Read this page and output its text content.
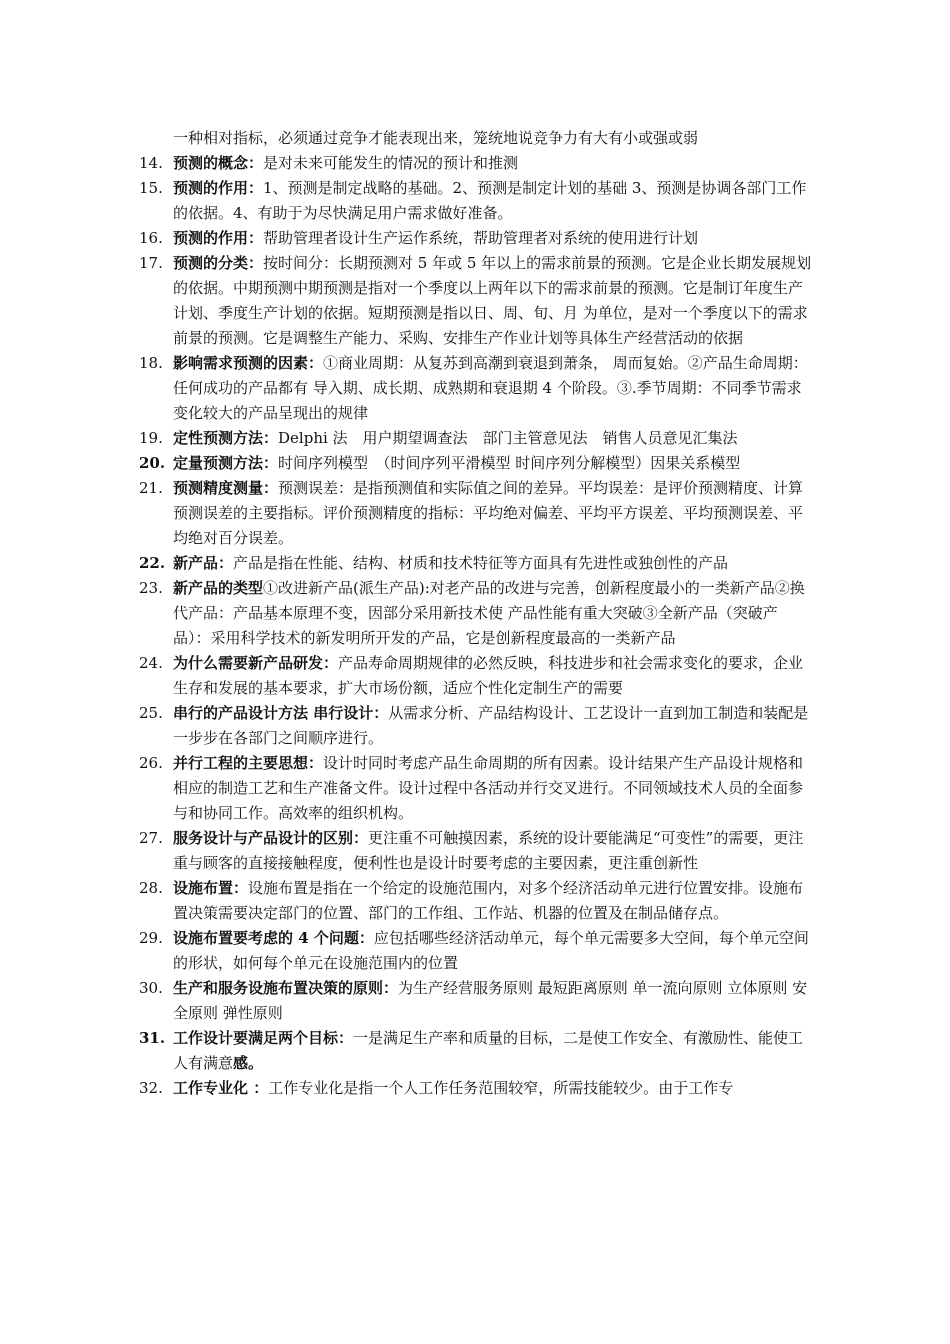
一种相对指标，必须通过竞争才能表现出来，笼统地说竞争力有大有小或强或弱
14. 预测的概念：是对未来可能发生的情况的预计和推测
15. 预测的作用：1、预测是制定战略的基础。2、预测是制定计划的基础 3、预测是协调各部门工作的依据。4、有助于为尽快满足用户需求做好准备。
16. 预测的作用：帮助管理者设计生产运作系统，帮助管理者对系统的使用进行计划
17. 预测的分类：按时间分：长期预测对 5 年或 5 年以上的需求前景的预测。它是企业长期发展规划的依据。中期预测中期预测是指对一个季度以上两年以下的需求前景的预测。它是制订年度生产计划、季度生产计划的依据。短期预测是指以日、周、旬、月 为单位，是对一个季度以下的需求前景的预测。它是调整生产能力、采购、安排生产作业计划等具体生产经营活动的依据
18. 影响需求预测的因素：①商业周期：从复苏到高潮到衰退到萧条， 周而复始。②产品生命周期：任何成功的产品都有 导入期、成长期、成熟期和衰退期 4 个阶段。③.季节周期：不同季节需求变化较大的产品呈现出的规律
19. 定性预测方法：Delphi 法　用户期望调查法　部门主管意见法　销售人员意见汇集法
20. 定量预测方法：时间序列模型　（时间序列平滑模型 时间序列分解模型）因果关系模型
21. 预测精度测量：预测误差：是指预测值和实际值之间的差异。平均误差：是评价预测精度、计算预测误差的主要指标。评价预测精度的指标：平均绝对偏差、平均平方误差、平均预测误差、平均绝对百分误差。
22. 新产品：产品是指在性能、结构、材质和技术特征等方面具有先进性或独创性的产品
23. 新产品的类型①改进新产品(派生产品):对老产品的改进与完善，创新程度最小的一类新产品②换代产品：产品基本原理不变，因部分采用新技术使 产品性能有重大突破③全新产品（突破产品）：采用科学技术的新发明所开发的产品，它是创新程度最高的一类新产品
24. 为什么需要新产品研发：产品寿命周期规律的必然反映，科技进步和社会需求变化的要求，企业生存和发展的基本要求，扩大市场份额，适应个性化定制生产的需要
25. 串行的产品设计方法 串行设计：从需求分析、产品结构设计、工艺设计一直到加工制造和装配是一步步在各部门之间顺序进行。
26. 并行工程的主要思想：设计时同时考虑产品生命周期的所有因素。设计结果产生产品设计规格和相应的制造工艺和生产准备文件。设计过程中各活动并行交叉进行。不同领域技术人员的全面参与和协同工作。高效率的组织机构。
27. 服务设计与产品设计的区别：更注重不可触摸因素，系统的设计要能满足“可变性”的需要，更注重与顾客的直接接触程度，便利性也是设计时要考虑的主要因素，更注重创新性
28. 设施布置：设施布置是指在一个给定的设施范围内，对多个经济活动单元进行位置安排。设施布置决策需要决定部门的位置、部门的工作组、工作站、机器的位置及在制品储存点。
29. 设施布置要考虑的 4 个问题：应包括哪些经济活动单元，每个单元需要多大空间，每个单元空间的形状，如何每个单元在设施范围内的位置
30. 生产和服务设施布置决策的原则：为生产经营服务原则 最短距离原则 单一流向原则 立体原则 安全原则 弹性原则
31. 工作设计要满足两个目标：一是满足生产率和质量的目标，二是使工作安全、有激励性、能使工人有满意感。
32. 工作专业化 ：工作专业化是指一个人工作任务范围较窄，所需技能较少。由于工作专
